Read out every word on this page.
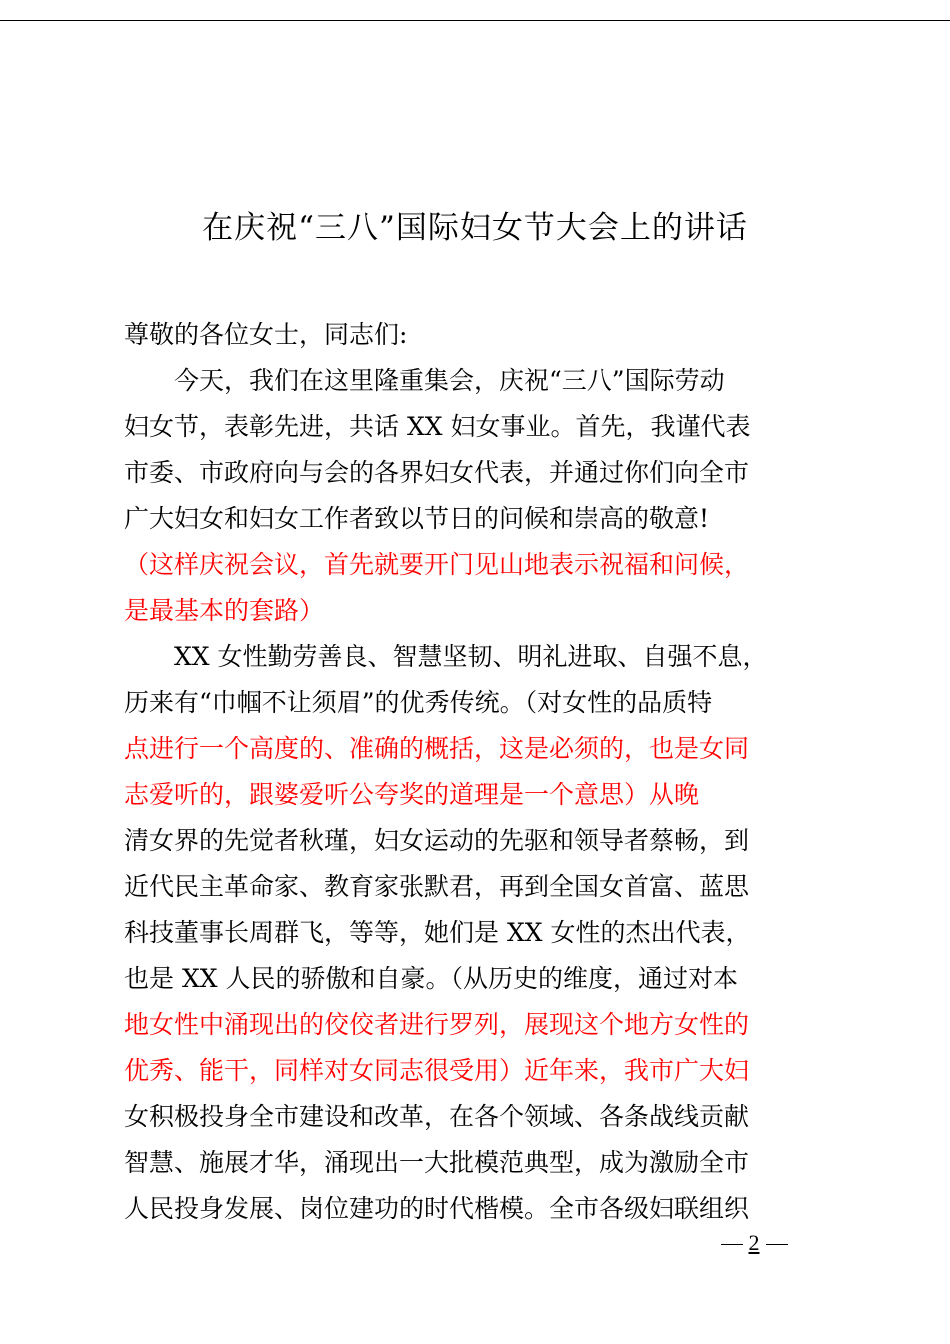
在庆祝“三八”国际妇女节大会上的讲话
尊敬的各位女士，同志们:
　　今天，我们在这里隆重集会，庆祝“三八”国际劳动
妇女节，表彰先进，共话 XX 妇女事业。首先，我谨代表
市委、市政府向与会的各界妇女代表，并通过你们向全市
广大妇女和妇女工作者致以节日的问候和崇高的敬意!
（这样庆祝会议，首先就要开门见山地表示祝福和问候，
是最基本的套路）
　　XX 女性勤劳善良、智慧坚韧、明礼进取、自强不息，
历来有“巾帼不让须眉”的优秀传统。（对女性的品质特
点进行一个高度的、准确的概括，这是必须的，也是女同
志爱听的，跟婆爱听公夸奖的道理是一个意思）从晚
清女界的先觉者秋瑾，妇女运动的先驱和领导者蔡畅，到
近代民主革命家、教育家张默君，再到全国女首富、蓝思
科技董事长周群飞，等等，她们是 XX 女性的杰出代表，
也是 XX 人民的骄傲和自豪。（从历史的维度，通过对本
地女性中涌现出的佼佼者进行罗列，展现这个地方女性的
优秀、能干，同样对女同志很受用）近年来，我市广大妇
女积极投身全市建设和改革，在各个领域、各条战线贡献
智慧、施展才华，涌现出一大批模范典型，成为激励全市
人民投身发展、岗位建功的时代楷模。全市各级妇联组织
2
